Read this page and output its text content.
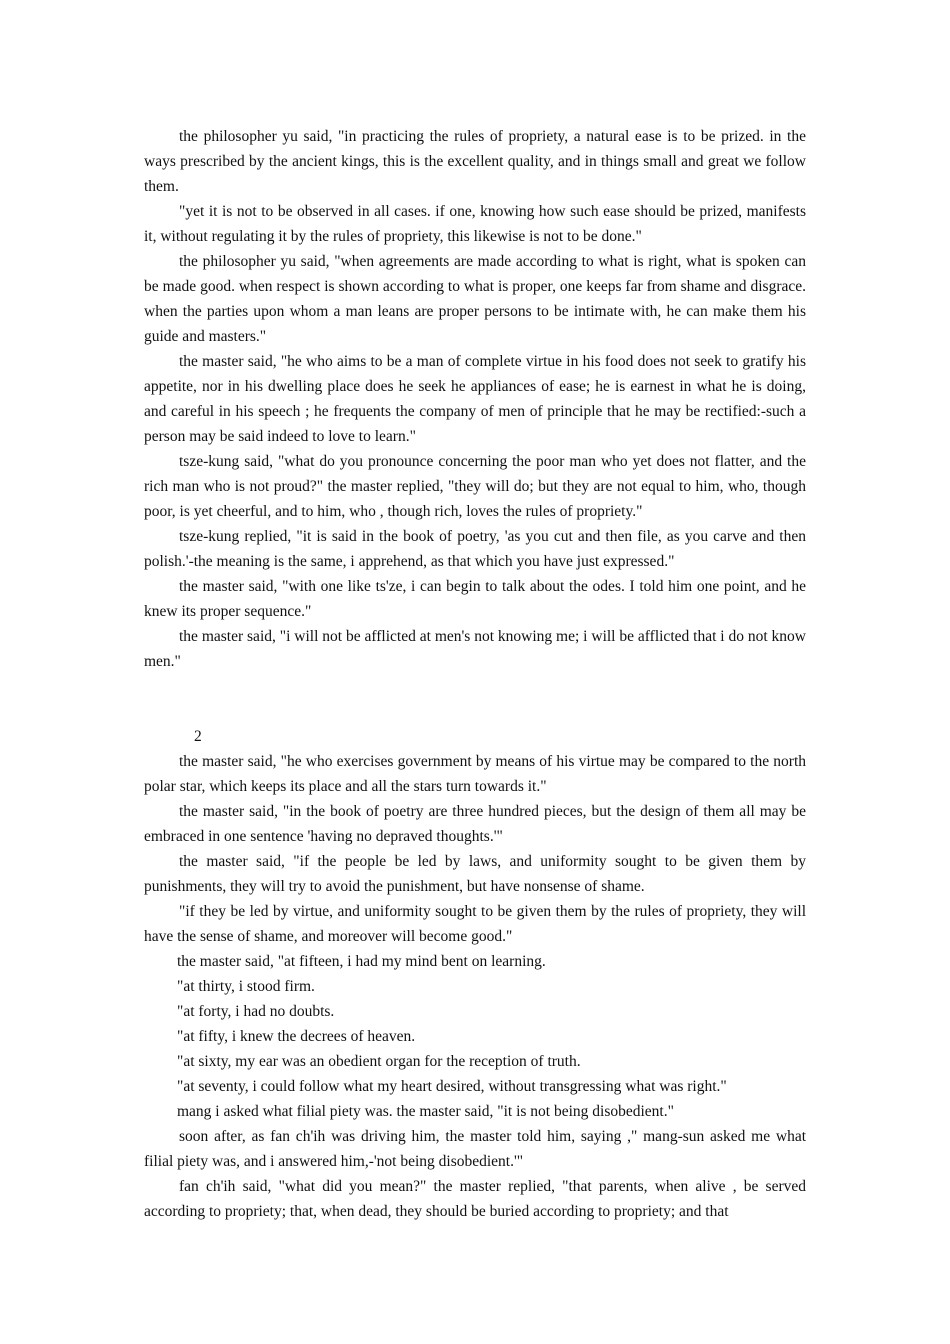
the philosopher yu said, "in practicing the rules of propriety, a natural ease is to be prized. in the ways prescribed by the ancient kings, this is the excellent quality, and in things small and great we follow them.

"yet it is not to be observed in all cases. if one, knowing how such ease should be prized, manifests it, without regulating it by the rules of propriety, this likewise is not to be done."

the philosopher yu said, "when agreements are made according to what is right, what is spoken can be made good. when respect is shown according to what is proper, one keeps far from shame and disgrace. when the parties upon whom a man leans are proper persons to be intimate with, he can make them his guide and masters."

the master said, "he who aims to be a man of complete virtue in his food does not seek to gratify his appetite, nor in his dwelling place does he seek he appliances of ease; he is earnest in what he is doing, and careful in his speech ; he frequents the company of men of principle that he may be rectified:-such a person may be said indeed to love to learn."

tsze-kung said, "what do you pronounce concerning the poor man who yet does not flatter, and the rich man who is not proud?" the master replied, "they will do; but they are not equal to him, who, though poor, is yet cheerful, and to him, who , though rich, loves the rules of propriety."

tsze-kung replied, "it is said in the book of poetry, 'as you cut and then file, as you carve and then polish.'-the meaning is the same, i apprehend, as that which you have just expressed."

the master said, "with one like ts'ze, i can begin to talk about the odes. I told him one point, and he knew its proper sequence."

the master said, "i will not be afflicted at men's not knowing me; i will be afflicted that i do not know men."

2

the master said, "he who exercises government by means of his virtue may be compared to the north polar star, which keeps its place and all the stars turn towards it."

the master said, "in the book of poetry are three hundred pieces, but the design of them all may be embraced in one sentence 'having no depraved thoughts.'"

the master said, "if the people be led by laws, and uniformity sought to be given them by punishments, they will try to avoid the punishment, but have nonsense of shame.

"if they be led by virtue, and uniformity sought to be given them by the rules of propriety, they will have the sense of shame, and moreover will become good."

the master said, "at fifteen, i had my mind bent on learning.

"at thirty, i stood firm.

"at forty, i had no doubts.

"at fifty, i knew the decrees of heaven.

"at sixty, my ear was an obedient organ for the reception of truth.

"at seventy, i could follow what my heart desired, without transgressing what was right."

mang i asked what filial piety was. the master said, "it is not being disobedient."

soon after, as fan ch'ih was driving him, the master told him, saying ," mang-sun asked me what filial piety was, and i answered him,-'not being disobedient.'"

fan ch'ih said, "what did you mean?" the master replied, "that parents, when alive , be served according to propriety; that, when dead, they should be buried according to propriety; and that
